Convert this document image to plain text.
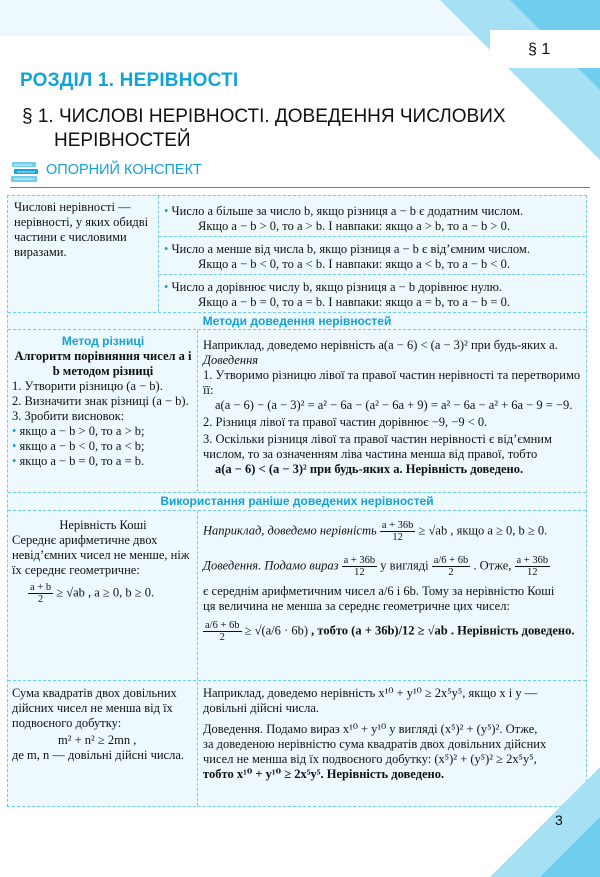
§ 1
РОЗДІЛ 1. НЕРІВНОСТІ
§ 1. ЧИСЛОВІ НЕРІВНОСТІ. ДОВЕДЕННЯ ЧИСЛОВИХ
НЕРІВНОСТЕЙ
ОПОРНИЙ КОНСПЕКТ
Числові нерівності — нерівності, у яких обидві частини є числовими виразами.
• Число a більше за число b, якщо різниця a − b є додатним числом.
Якщо a − b > 0, то a > b. І навпаки: якщо a > b, то a − b > 0.
• Число a менше від числа b, якщо різниця a − b є від’ємним числом.
Якщо a − b < 0, то a < b. І навпаки: якщо a < b, то a − b < 0.
• Число a дорівнює числу b, якщо різниця a − b дорівнює нулю.
Якщо a − b = 0, то a = b. І навпаки: якщо a = b, то a − b = 0.
Методи доведення нерівностей
Метод різниці
Алгоритм порівняння чисел a і b методом різниці
1. Утворити різницю (a − b).
2. Визначити знак різниці (a − b).
3. Зробити висновок:
• якщо a − b > 0, то a > b;
• якщо a − b < 0, то a < b;
• якщо a − b = 0, то a = b.
Наприклад, доведемо нерівність a(a − 6) < (a − 3)² при будь-яких a.
Доведення
1. Утворимо різницю лівої та правої частин нерівності та перетворимо її:
a(a − 6) − (a − 3)² = a² − 6a − (a² − 6a + 9) = a² − 6a − a² + 6a − 9 = −9.
2. Різниця лівої та правої частин дорівнює −9, −9 < 0.
3. Оскільки різниця лівої та правої частин нерівності є від’ємним числом, то за означенням ліва частина менша від правої, тобто
a(a − 6) < (a − 3)² при будь-яких a. Нерівність доведено.
Використання раніше доведених нерівностей
Нерівність Коші
Середнє арифметичне двох невід’ємних чисел не менше, ніж їх середнє геометричне:
$\frac{a + b}{2} \ge √ab$ , a ≥ 0, b ≥ 0.
Наприклад, доведемо нерівність $\frac{a + 36b}{12} \ge √ab$ , якщо a ≥ 0, b ≥ 0.
Доведення. Подамо вираз $\frac{a + 36b}{12}$ у вигляді $\frac{a/6 + 6b}{2}$ . Отже, $\frac{a + 36b}{12}$
є середнім арифметичним чисел a/6 і 6b. Тому за нерівністю Коші
ця величина не менша за середнє геометричне цих чисел:
$\frac{a/6 + 6b}{2} \ge √(a/6 \cdot 6b)$ , тобто (a + 36b)/12 ≥ √ab . Нерівність доведено.
Сума квадратів двох довільних дійсних чисел не менша від їх подвоєного добутку:
m² + n² ≥ 2mn ,
де m, n — довільні дійсні числа.
Наприклад, доведемо нерівність x¹⁰ + y¹⁰ ≥ 2x⁵y⁵, якщо x і y — довільні дійсні числа.
Доведення. Подамо вираз x¹⁰ + y¹⁰ у вигляді (x⁵)² + (y⁵)². Отже,
за доведеною нерівністю сума квадратів двох довільних дійсних
чисел не менша від їх подвоєного добутку: (x⁵)² + (y⁵)² ≥ 2x⁵y⁵,
тобто x¹⁰ + y¹⁰ ≥ 2x⁵y⁵. Нерівність доведено.
3
